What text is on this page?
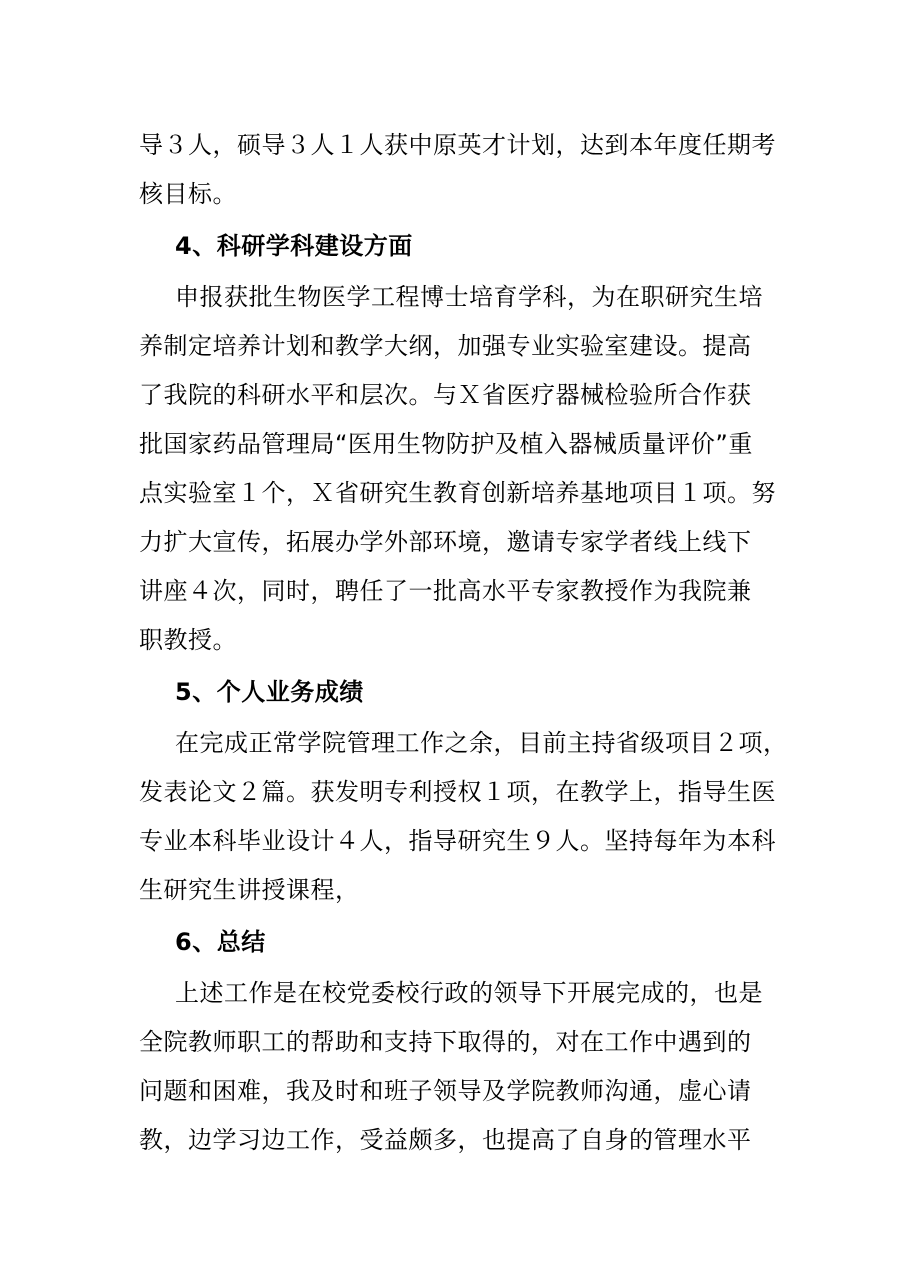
导３人，硕导３人１人获中原英才计划，达到本年度任期考
核目标。
4、科研学科建设方面
申报获批生物医学工程博士培育学科，为在职研究生培
养制定培养计划和教学大纲，加强专业实验室建设。提高
了我院的科研水平和层次。与Ｘ省医疗器械检验所合作获
批国家药品管理局“医用生物防护及植入器械质量评价”重
点实验室１个，Ｘ省研究生教育创新培养基地项目１项。努
力扩大宣传，拓展办学外部环境，邀请专家学者线上线下
讲座４次，同时，聘任了一批高水平专家教授作为我院兼
职教授。
5、个人业务成绩
在完成正常学院管理工作之余，目前主持省级项目２项，
发表论文２篇。获发明专利授权１项，在教学上，指导生医
专业本科毕业设计４人，指导研究生９人。坚持每年为本科
生研究生讲授课程，
6、总结
上述工作是在校党委校行政的领导下开展完成的，也是
全院教师职工的帮助和支持下取得的，对在工作中遇到的
问题和困难，我及时和班子领导及学院教师沟通，虚心请
教，边学习边工作，受益颇多，也提高了自身的管理水平
